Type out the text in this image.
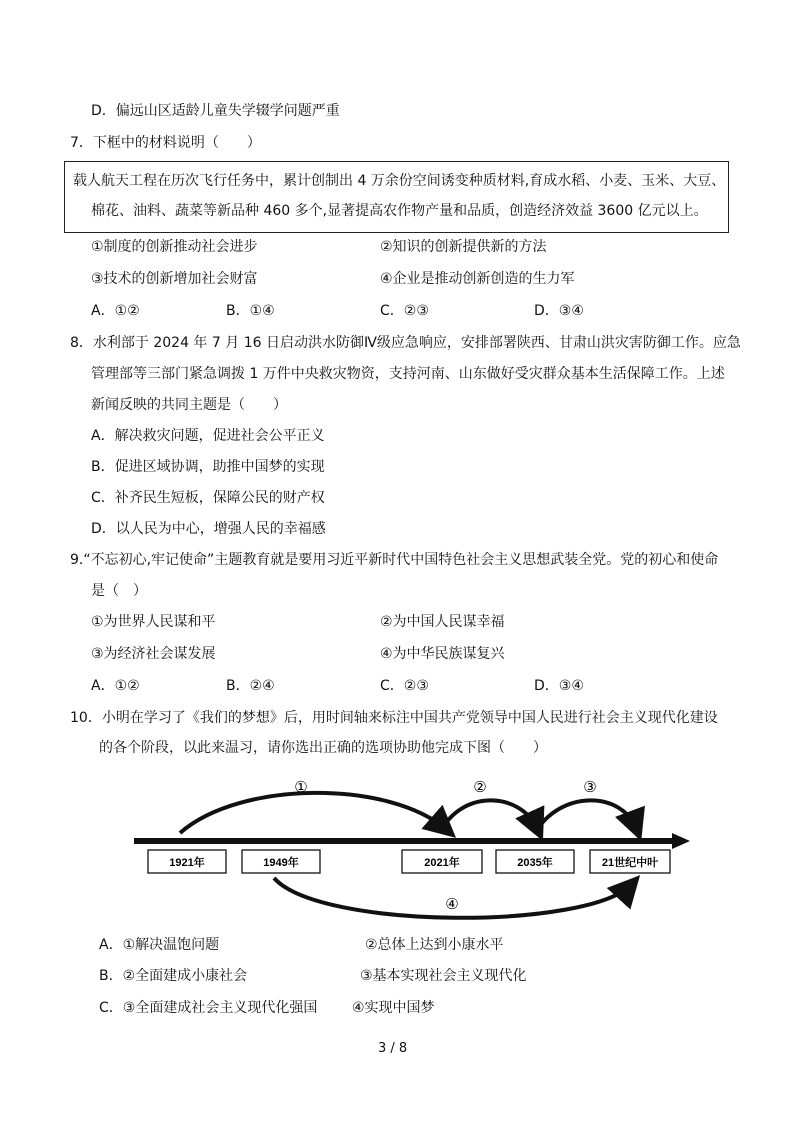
D．偏远山区适龄儿童失学辍学问题严重
7．下框中的材料说明（　　）
载人航天工程在历次飞行任务中，累计创制出 4 万余份空间诱变种质材料,育成水稻、小麦、玉米、大豆、
棉花、油料、蔬菜等新品种 460 多个,显著提高农作物产量和品质，创造经济效益 3600 亿元以上。
①制度的创新推动社会进步	②知识的创新提供新的方法
③技术的创新增加社会财富	④企业是推动创新创造的生力军
A．①②	B．①④	C．②③	D．③④
8．水利部于 2024 年 7 月 16 日启动洪水防御Ⅳ级应急响应，安排部署陕西、甘肃山洪灾害防御工作。应急
管理部等三部门紧急调拨 1 万件中央救灾物资，支持河南、山东做好受灾群众基本生活保障工作。上述
新闻反映的共同主题是（　　）
A．解决救灾问题，促进社会公平正义
B．促进区域协调，助推中国梦的实现
C．补齐民生短板，保障公民的财产权
D．以人民为中心，增强人民的幸福感
9.“不忘初心,牢记使命”主题教育就是要用习近平新时代中国特色社会主义思想武装全党。党的初心和使命
是（　）
①为世界人民谋和平	②为中国人民谋幸福
③为经济社会谋发展	④为中华民族谋复兴
A．①②	B．②④	C．②③	D．③④
10．小明在学习了《我们的梦想》后，用时间轴来标注中国共产党领导中国人民进行社会主义现代化建设
的各个阶段，以此来温习，请你选出正确的选项协助他完成下图（　　）
1921年	1949年	2021年	2035年	21世纪中叶
①	②	③
④
A．①解决温饱问题	②总体上达到小康水平
B．②全面建成小康社会	③基本实现社会主义现代化
C．③全面建成社会主义现代化强国 ④实现中国梦
3 / 8
